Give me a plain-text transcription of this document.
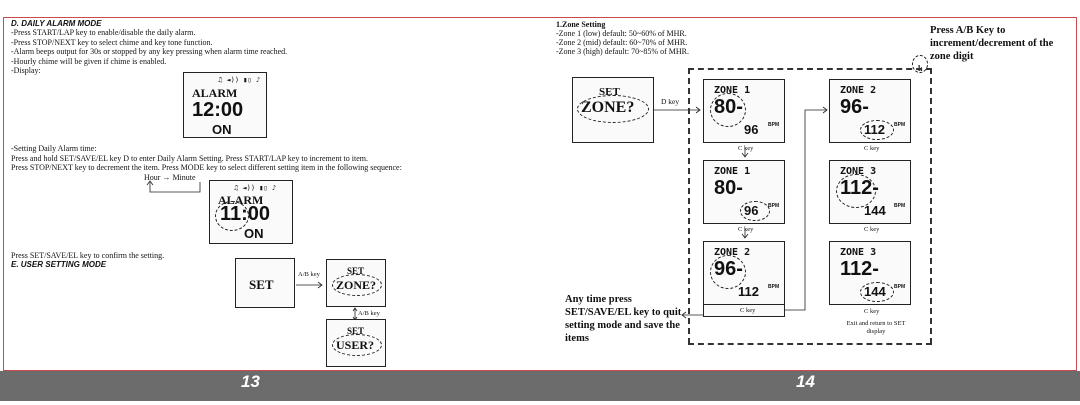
13	14
D. DAILY ALARM MODE
-Press START/LAP key to enable/disable the daily alarm.
-Press STOP/NEXT key to select chime and key tone function.
-Alarm beeps output for 30s or stopped by any key pressing when alarm time reached.
-Hourly chime will be given if chime is enabled.
-Display:
♫ ◄)) ▮▯ ♪
ALARM
12:00
ON
-Setting Daily Alarm time:
Press and hold SET/SAVE/EL key D to enter Daily Alarm Setting. Press START/LAP key to increment to item.
Press STOP/NEXT key to decrement the item. Press MODE key to select different setting item in the following sequence:
Hour → Minute
♫ ◄)) ▮▯ ♪
ALARM
11:00
ON
Press SET/SAVE/EL key to confirm the setting.
E. USER SETTING MODE
SET
A/B key	SET
ZONE?
A/B key
SET
USER?
1.Zone Setting
-Zone 1 (low) default: 50~60% of MHR.
-Zone 2 (mid) default: 60~70% of MHR.
-Zone 3 (high) default: 70~85% of MHR.
Press A/B Key to increment/decrement of the zone digit
k
SET
ZONE?	D key
ZONE 1
80-
96 BPM
C key
ZONE 1
80-
96 BPM
C key
ZONE 2
96-
112 BPM
C key
ZONE 2
96-
112 BPM
C key
ZONE 3
112-
144 BPM
C key
ZONE 3
112-
144 BPM
C key
Exit and return to SET display
Any time press SET/SAVE/EL key to quit setting mode and save the items
